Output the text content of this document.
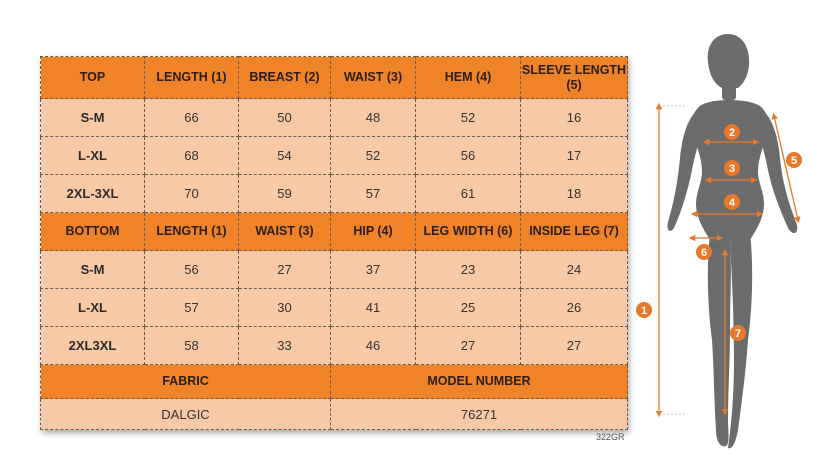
TOP	LENGTH (1)	BREAST (2)	WAIST (3)	HEM (4)	SLEEVE LENGTH (5)
S-M	66	50	48	52	16
L-XL	68	54	52	56	17
2XL-3XL	70	59	57	61	18
BOTTOM	LENGTH (1)	WAIST (3)	HIP (4)	LEG WIDTH (6)	INSIDE LEG (7)
S-M	56	27	37	23	24
L-XL	57	30	41	25	26
2XL3XL	58	33	46	27	27
FABRIC			MODEL NUMBER		
DALGIC			76271		
322GR
1
2
3
4
5
6
7
